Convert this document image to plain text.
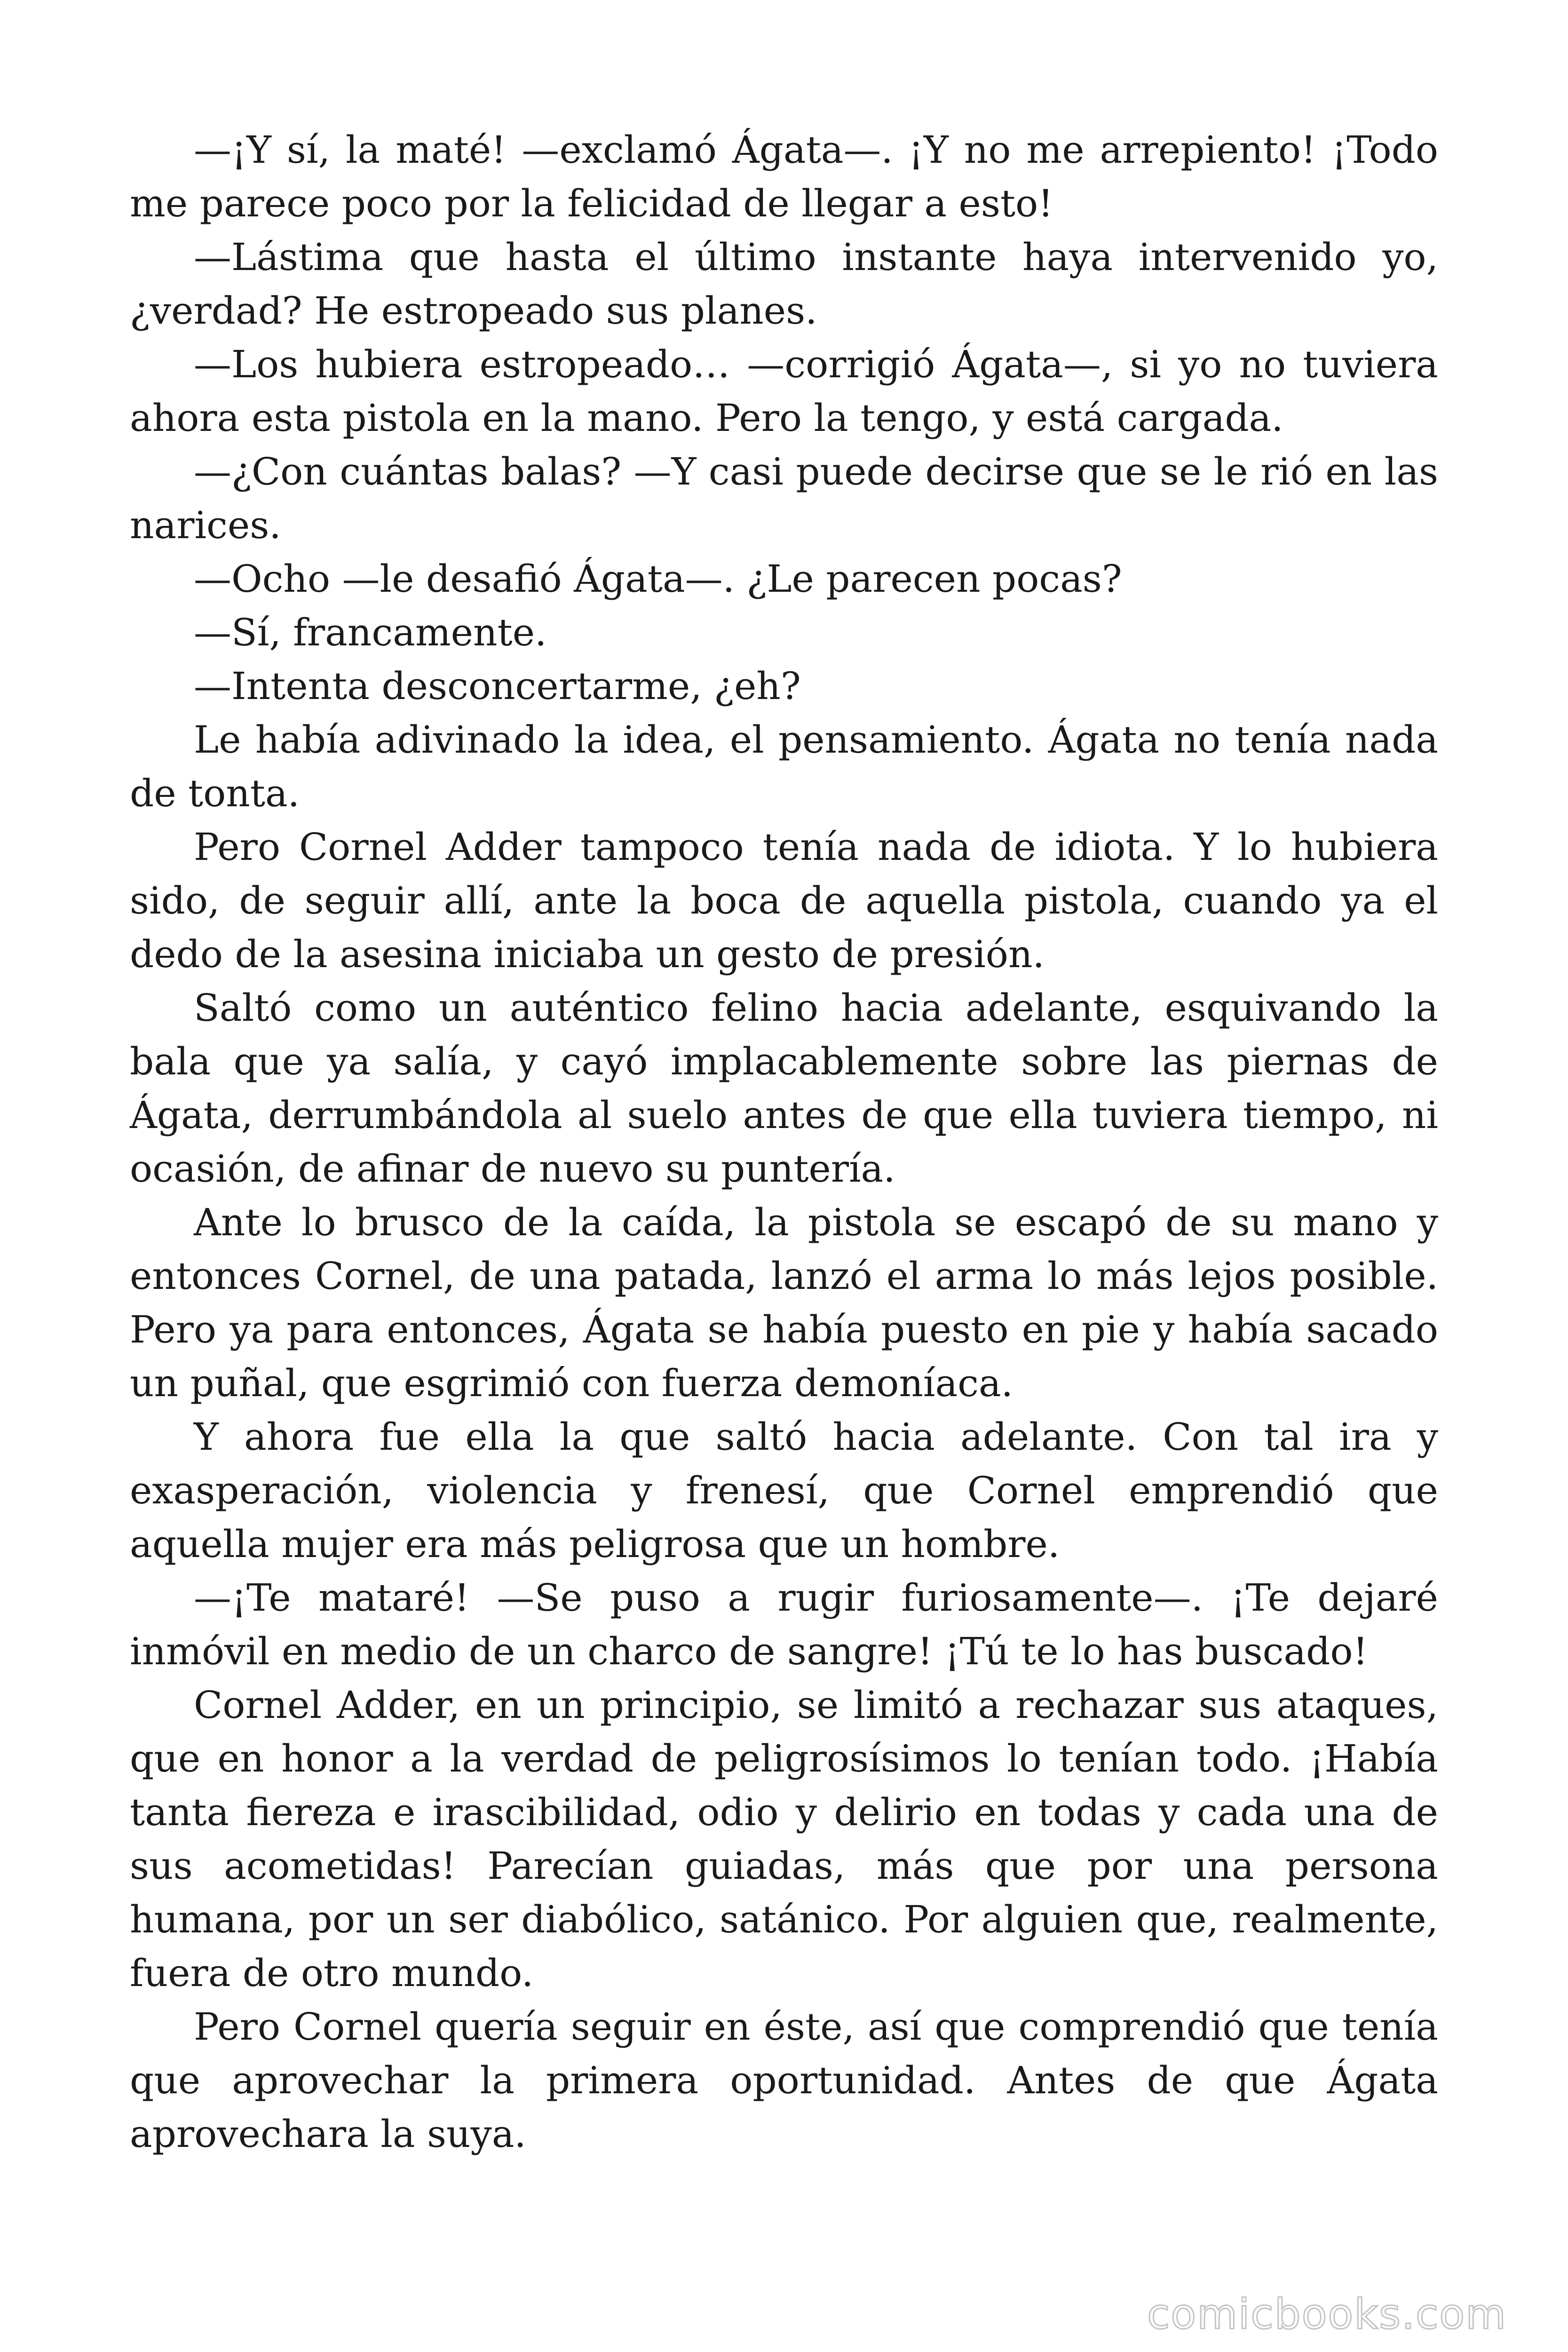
—¡Y sí, la maté! —exclamó Ágata—. ¡Y no me arrepiento! ¡Todo me parece poco por la felicidad de llegar a esto!

—Lástima que hasta el último instante haya intervenido yo, ¿verdad? He estropeado sus planes.

—Los hubiera estropeado… —corrigió Ágata—, si yo no tuviera ahora esta pistola en la mano. Pero la tengo, y está cargada.

—¿Con cuántas balas? —Y casi puede decirse que se le rió en las narices.

—Ocho —le desafió Ágata—. ¿Le parecen pocas?

—Sí, francamente.

—Intenta desconcertarme, ¿eh?

Le había adivinado la idea, el pensamiento. Ágata no tenía nada de tonta.

Pero Cornel Adder tampoco tenía nada de idiota. Y lo hubiera sido, de seguir allí, ante la boca de aquella pistola, cuando ya el dedo de la asesina iniciaba un gesto de presión.

Saltó como un auténtico felino hacia adelante, esquivando la bala que ya salía, y cayó implacablemente sobre las piernas de Ágata, derrumbándola al suelo antes de que ella tuviera tiempo, ni ocasión, de afinar de nuevo su puntería.

Ante lo brusco de la caída, la pistola se escapó de su mano y entonces Cornel, de una patada, lanzó el arma lo más lejos posible. Pero ya para entonces, Ágata se había puesto en pie y había sacado un puñal, que esgrimió con fuerza demoníaca.

Y ahora fue ella la que saltó hacia adelante. Con tal ira y exasperación, violencia y frenesí, que Cornel emprendió que aquella mujer era más peligrosa que un hombre.

—¡Te mataré! —Se puso a rugir furiosamente—. ¡Te dejaré inmóvil en medio de un charco de sangre! ¡Tú te lo has buscado!

Cornel Adder, en un principio, se limitó a rechazar sus ataques, que en honor a la verdad de peligrosísimos lo tenían todo. ¡Había tanta fiereza e irascibilidad, odio y delirio en todas y cada una de sus acometidas! Parecían guiadas, más que por una persona humana, por un ser diabólico, satánico. Por alguien que, realmente, fuera de otro mundo.

Pero Cornel quería seguir en éste, así que comprendió que tenía que aprovechar la primera oportunidad. Antes de que Ágata aprovechara la suya.

comicbooks.com
